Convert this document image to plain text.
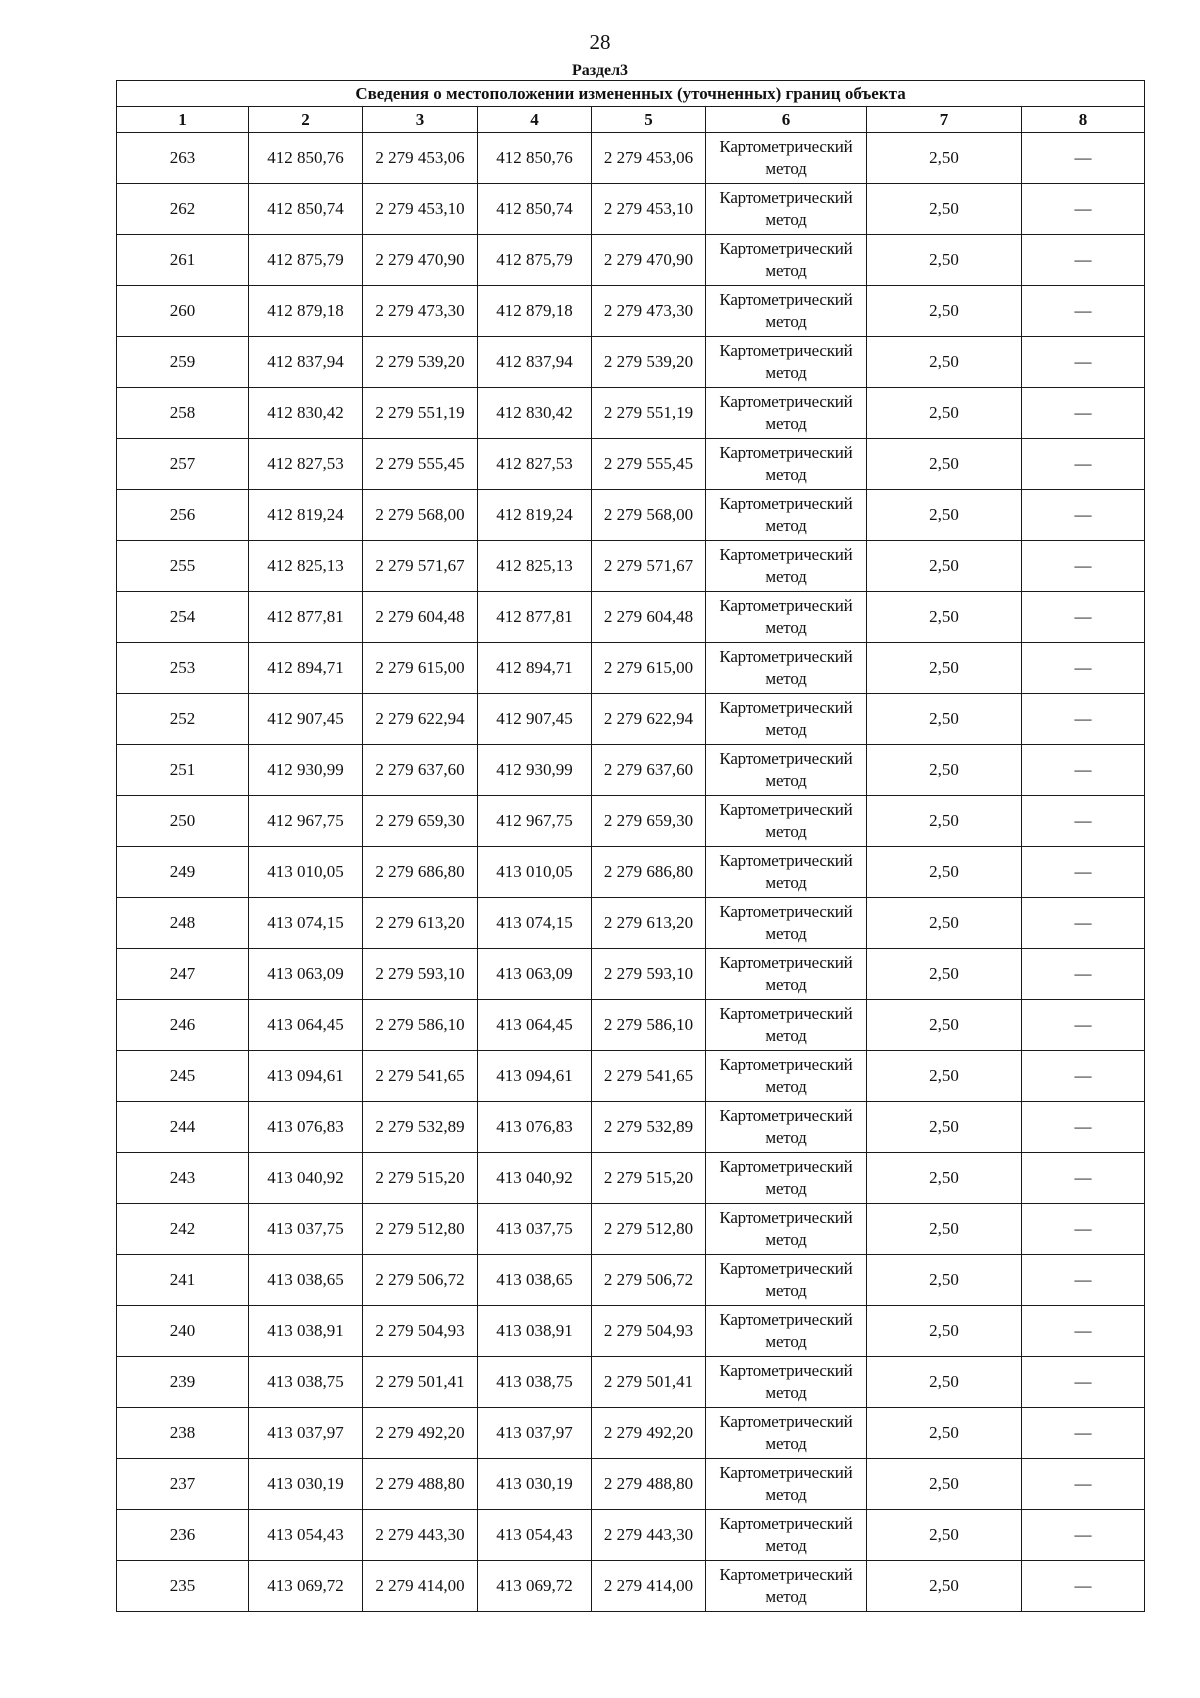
28
Раздел3
Сведения о местоположении измененных (уточненных) границ объекта							
1	2	3	4	5	6	7	8
263	412 850,76	2 279 453,06	412 850,76	2 279 453,06	Картометрический метод	2,50	—
262	412 850,74	2 279 453,10	412 850,74	2 279 453,10	Картометрический метод	2,50	—
261	412 875,79	2 279 470,90	412 875,79	2 279 470,90	Картометрический метод	2,50	—
260	412 879,18	2 279 473,30	412 879,18	2 279 473,30	Картометрический метод	2,50	—
259	412 837,94	2 279 539,20	412 837,94	2 279 539,20	Картометрический метод	2,50	—
258	412 830,42	2 279 551,19	412 830,42	2 279 551,19	Картометрический метод	2,50	—
257	412 827,53	2 279 555,45	412 827,53	2 279 555,45	Картометрический метод	2,50	—
256	412 819,24	2 279 568,00	412 819,24	2 279 568,00	Картометрический метод	2,50	—
255	412 825,13	2 279 571,67	412 825,13	2 279 571,67	Картометрический метод	2,50	—
254	412 877,81	2 279 604,48	412 877,81	2 279 604,48	Картометрический метод	2,50	—
253	412 894,71	2 279 615,00	412 894,71	2 279 615,00	Картометрический метод	2,50	—
252	412 907,45	2 279 622,94	412 907,45	2 279 622,94	Картометрический метод	2,50	—
251	412 930,99	2 279 637,60	412 930,99	2 279 637,60	Картометрический метод	2,50	—
250	412 967,75	2 279 659,30	412 967,75	2 279 659,30	Картометрический метод	2,50	—
249	413 010,05	2 279 686,80	413 010,05	2 279 686,80	Картометрический метод	2,50	—
248	413 074,15	2 279 613,20	413 074,15	2 279 613,20	Картометрический метод	2,50	—
247	413 063,09	2 279 593,10	413 063,09	2 279 593,10	Картометрический метод	2,50	—
246	413 064,45	2 279 586,10	413 064,45	2 279 586,10	Картометрический метод	2,50	—
245	413 094,61	2 279 541,65	413 094,61	2 279 541,65	Картометрический метод	2,50	—
244	413 076,83	2 279 532,89	413 076,83	2 279 532,89	Картометрический метод	2,50	—
243	413 040,92	2 279 515,20	413 040,92	2 279 515,20	Картометрический метод	2,50	—
242	413 037,75	2 279 512,80	413 037,75	2 279 512,80	Картометрический метод	2,50	—
241	413 038,65	2 279 506,72	413 038,65	2 279 506,72	Картометрический метод	2,50	—
240	413 038,91	2 279 504,93	413 038,91	2 279 504,93	Картометрический метод	2,50	—
239	413 038,75	2 279 501,41	413 038,75	2 279 501,41	Картометрический метод	2,50	—
238	413 037,97	2 279 492,20	413 037,97	2 279 492,20	Картометрический метод	2,50	—
237	413 030,19	2 279 488,80	413 030,19	2 279 488,80	Картометрический метод	2,50	—
236	413 054,43	2 279 443,30	413 054,43	2 279 443,30	Картометрический метод	2,50	—
235	413 069,72	2 279 414,00	413 069,72	2 279 414,00	Картометрический метод	2,50	—
